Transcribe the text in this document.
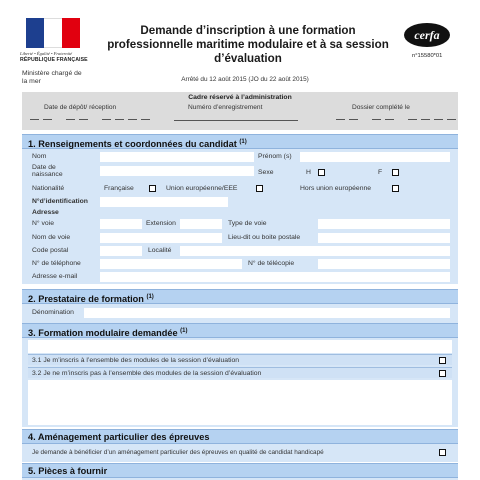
Liberté • Égalité • Fraternité
RÉPUBLIQUE FRANÇAISE
Demande d’inscription à une formation
professionnelle maritime modulaire et à sa session
d’évaluation
cerfa
n°15580*01
Ministère chargé de la mer	Arrêté du 12 août 2015 (JO du 22 août 2015)
Cadre réservé à l’administration
Date de dépôt/ réception	Numéro d’enregistrement	Dossier complété le
1. Renseignements et coordonnées du candidat $^{(1)}$
Nom	Prénom (s)
Date de
naissance	Sexe	H	F
Nationalité	Française	Union européenne/EEE	Hors union européenne
N°d’identification
Adresse
N° voie	Extension	Type de voie
Nom de voie	Lieu-dit ou boite postale
Code postal	Localité
N° de téléphone	N° de télécopie
Adresse e-mail
2. Prestataire de formation $^{(1)}$
Dénomination
3. Formation modulaire demandée $^{(1)}$
3.1 Je m’inscris à l’ensemble des modules de la session d’évaluation
3.2 Je ne m’inscris pas à l’ensemble des modules de la session d’évaluation
4. Aménagement particulier des épreuves
Je demande à bénéficier d’un aménagement particulier des épreuves en qualité de candidat handicapé
5. Pièces à fournir
